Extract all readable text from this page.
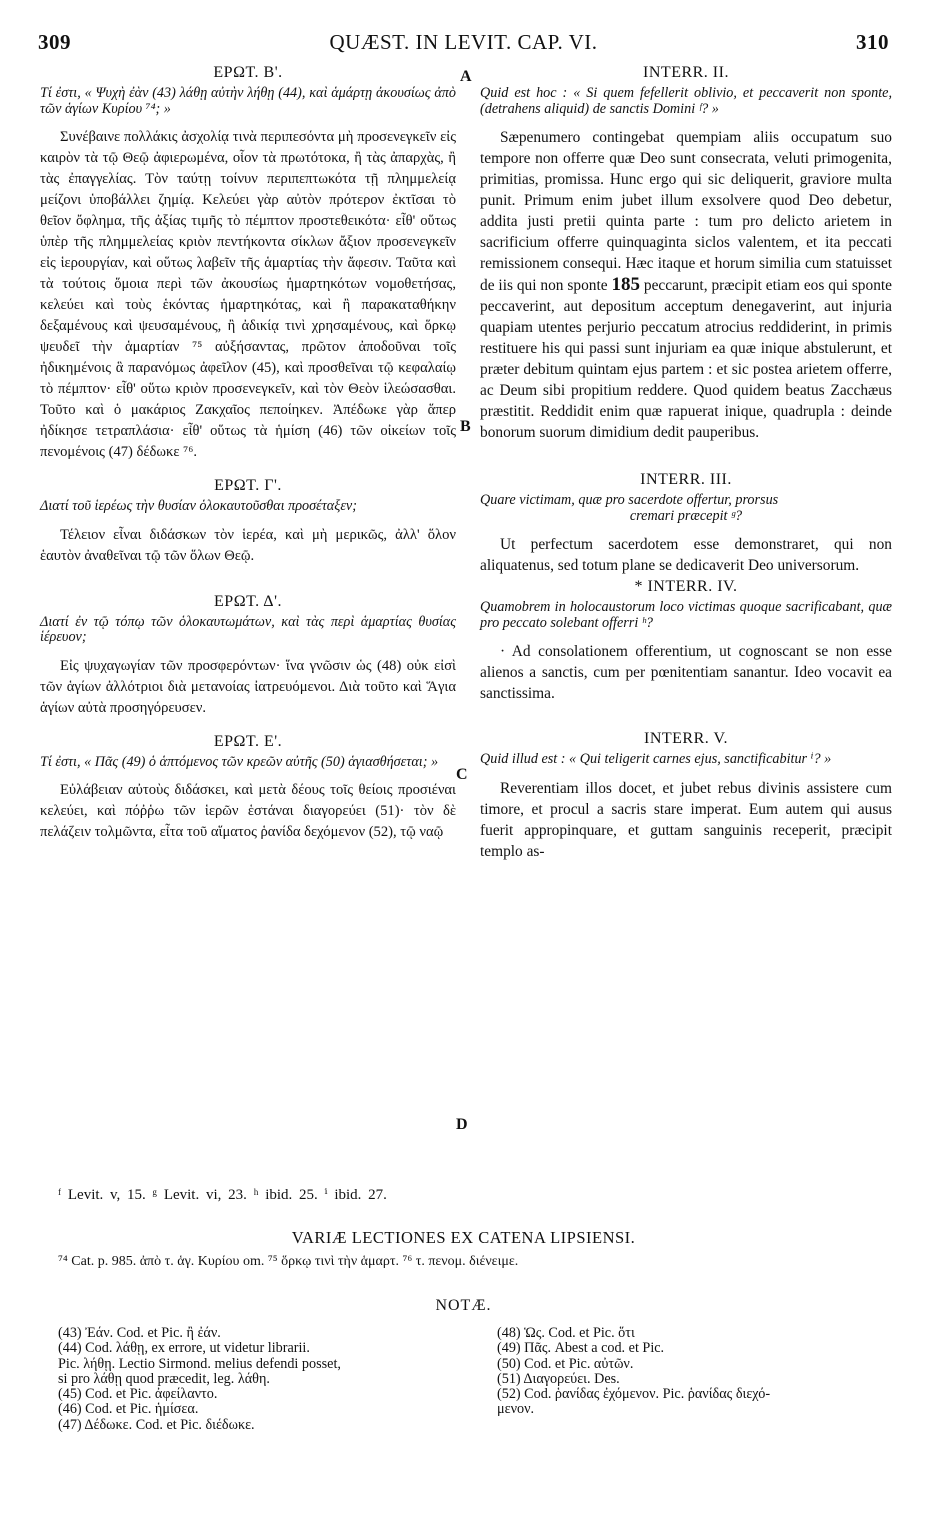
309	QUÆST. IN LEVIT. CAP. VI.	310
A
B
C
D
ΕΡΩΤ. Β'.
Τί ἐστι, « Ψυχὴ ἐὰν (43) λάθῃ αὐτὴν λήθῃ (44), καὶ ἁμάρτῃ ἀκουσίως ἀπὸ τῶν ἁγίων Κυρίου ⁷⁴; »

Συνέβαινε πολλάκις ἀσχολίᾳ τινὰ περιπεσόντα μὴ προσενεγκεῖν εἰς καιρὸν τὰ τῷ Θεῷ ἀφιερωμένα, οἷον τὰ πρωτότοκα, ἢ τὰς ἀπαρχὰς, ἢ τὰς ἐπαγγελίας. Τὸν ταύτῃ τοίνυν περιπεπτωκότα τῇ πλημμελείᾳ μείζονι ὑποβάλλει ζημίᾳ. Κελεύει γὰρ αὐτὸν πρότερον ἐκτῖσαι τὸ θεῖον ὄφλημα, τῆς ἀξίας τιμῆς τὸ πέμπτον προστεθεικότα· εἶθ' οὕτως ὑπὲρ τῆς πλημμελείας κριὸν πεντήκοντα σίκλων ἄξιον προσενεγκεῖν εἰς ἱερουργίαν, καὶ οὕτως λαβεῖν τῆς ἁμαρτίας τὴν ἄφεσιν. Ταῦτα καὶ τὰ τούτοις ὅμοια περὶ τῶν ἀκουσίως ἡμαρτηκότων νομοθετήσας, κελεύει καὶ τοὺς ἑκόντας ἡμαρτηκότας, καὶ ἢ παρακαταθήκην δεξαμένους καὶ ψευσαμένους, ἢ ἀδικίᾳ τινὶ χρησαμένους, καὶ ὅρκῳ ψευδεῖ τὴν ἁμαρτίαν ⁷⁵ αὐξήσαντας, πρῶτον ἀποδοῦναι τοῖς ἠδικημένοις ἃ παρανόμως ἀφεῖλον (45), καὶ προσθεῖναι τῷ κεφαλαίῳ τὸ πέμπτον· εἶθ' οὕτω κριὸν προσενεγκεῖν, καὶ τὸν Θεὸν ἱλεώσασθαι. Τοῦτο καὶ ὁ μακάριος Ζακχαῖος πεποίηκεν. Ἀπέδωκε γὰρ ἅπερ ἠδίκησε τετραπλάσια· εἶθ' οὕτως τὰ ἡμίση (46) τῶν οἰκείων τοῖς πενομένοις (47) δέδωκε ⁷⁶.

ΕΡΩΤ. Γ'.
Διατί τοῦ ἱερέως τὴν θυσίαν ὁλοκαυτοῦσθαι προσέταξεν;

Τέλειον εἶναι διδάσκων τὸν ἱερέα, καὶ μὴ μερικῶς, ἀλλ' ὅλον ἑαυτὸν ἀναθεῖναι τῷ τῶν ὅλων Θεῷ.

ΕΡΩΤ. Δ'.
Διατί ἐν τῷ τόπῳ τῶν ὁλοκαυτωμάτων, καὶ τὰς περὶ ἁμαρτίας θυσίας ἱέρευον;

Εἰς ψυχαγωγίαν τῶν προσφερόντων· ἵνα γνῶσιν ὡς (48) οὐκ εἰσὶ τῶν ἁγίων ἀλλότριοι διὰ μετανοίας ἰατρευόμενοι. Διὰ τοῦτο καὶ Ἅγια ἁγίων αὐτὰ προσηγόρευσεν.

ΕΡΩΤ. Ε'.
Τί ἐστι, « Πᾶς (49) ὁ ἁπτόμενος τῶν κρεῶν αὐτῆς (50) ἁγιασθήσεται; »

Εὐλάβειαν αὐτοὺς διδάσκει, καὶ μετὰ δέους τοῖς θείοις προσιέναι κελεύει, καὶ πόῤῥω τῶν ἱερῶν ἑστάναι διαγορεύει (51)· τὸν δὲ πελάζειν τολμῶντα, εἶτα τοῦ αἵματος ῥανίδα δεχόμενον (52), τῷ ναῷ

INTERR. II.
Quid est hoc : « Si quem fefellerit oblivio, et peccaverit non sponte, (detrahens aliquid) de sanctis Domini ᶠ? »

Sæpenumero contingebat quempiam aliis occupatum suo tempore non offerre quæ Deo sunt consecrata, veluti primogenita, primitias, promissa. Hunc ergo qui sic deliquerit, graviore multa punit. Primum enim jubet illum exsolvere quod Deo debetur, addita justi pretii quinta parte : tum pro delicto arietem in sacrificium offerre quinquaginta siclos valentem, et ita peccati remissionem consequi. Hæc itaque et horum similia cum statuisset de iis qui non sponte 185 peccarunt, præcipit etiam eos qui sponte peccaverint, aut depositum acceptum denegaverint, aut injuria quapiam utentes perjurio peccatum atrocius reddiderint, in primis restituere his qui passi sunt injuriam ea quæ inique abstulerunt, et præter debitum quintam ejus partem : et sic postea arietem offerre, ac Deum sibi propitium reddere. Quod quidem beatus Zacchæus præstitit. Reddidit enim quæ rapuerat inique, quadrupla : deinde bonorum suorum dimidium dedit pauperibus.

INTERR. III.
Quare victimam, quæ pro sacerdote offertur, prorsus
cremari præcepit ᵍ?

Ut perfectum sacerdotem esse demonstraret, qui non aliquatenus, sed totum plane se dedicaverit Deo universorum.

* INTERR. IV.
Quamobrem in holocaustorum loco victimas quoque sacrificabant, quæ pro peccato solebant offerri ʰ?

· Ad consolationem offerentium, ut cognoscant se non esse alienos a sanctis, cum per pœnitentiam sanantur. Ideo vocavit ea sanctissima.

INTERR. V.
Quid illud est : « Qui teligerit carnes ejus, sanctificabitur ⁱ? »

Reverentiam illos docet, et jubet rebus divinis assistere cum timore, et procul a sacris stare imperat. Eum autem qui ausus fuerit appropinquare, et guttam sanguinis receperit, præcipit templo as-

ᶠ Levit. v, 15. ᵍ Levit. vi, 23. ʰ ibid. 25. ⁱ ibid. 27.
VARIÆ LECTIONES EX CATENA LIPSIENSI.
⁷⁴ Cat. p. 985. ἀπὸ τ. ἁγ. Κυρίου om. ⁷⁵ ὅρκῳ τινὶ τὴν ἁμαρτ. ⁷⁶ τ. πενομ. διένειμε.
NOTÆ.
(43) Ἐάν. Cod. et Pic. ἢ ἐάν.
(44) Cod. λάθῃ, ex errore, ut videtur librarii.
Pic. λήθῃ. Lectio Sirmond. melius defendi posset,
si pro λάθῃ quod præcedit, leg. λάθη.
(45) Cod. et Pic. ἀφείλαντο.
(46) Cod. et Pic. ἡμίσεα.
(47) Δέδωκε. Cod. et Pic. διέδωκε.
(48) Ὡς. Cod. et Pic. ὅτι
(49) Πᾶς. Abest a cod. et Pic.
(50) Cod. et Pic. αὐτῶν.
(51) Διαγορεύει. Des.
(52) Cod. ῥανίδας ἐχόμενον. Pic. ῥανίδας διεχό-
μενον.
